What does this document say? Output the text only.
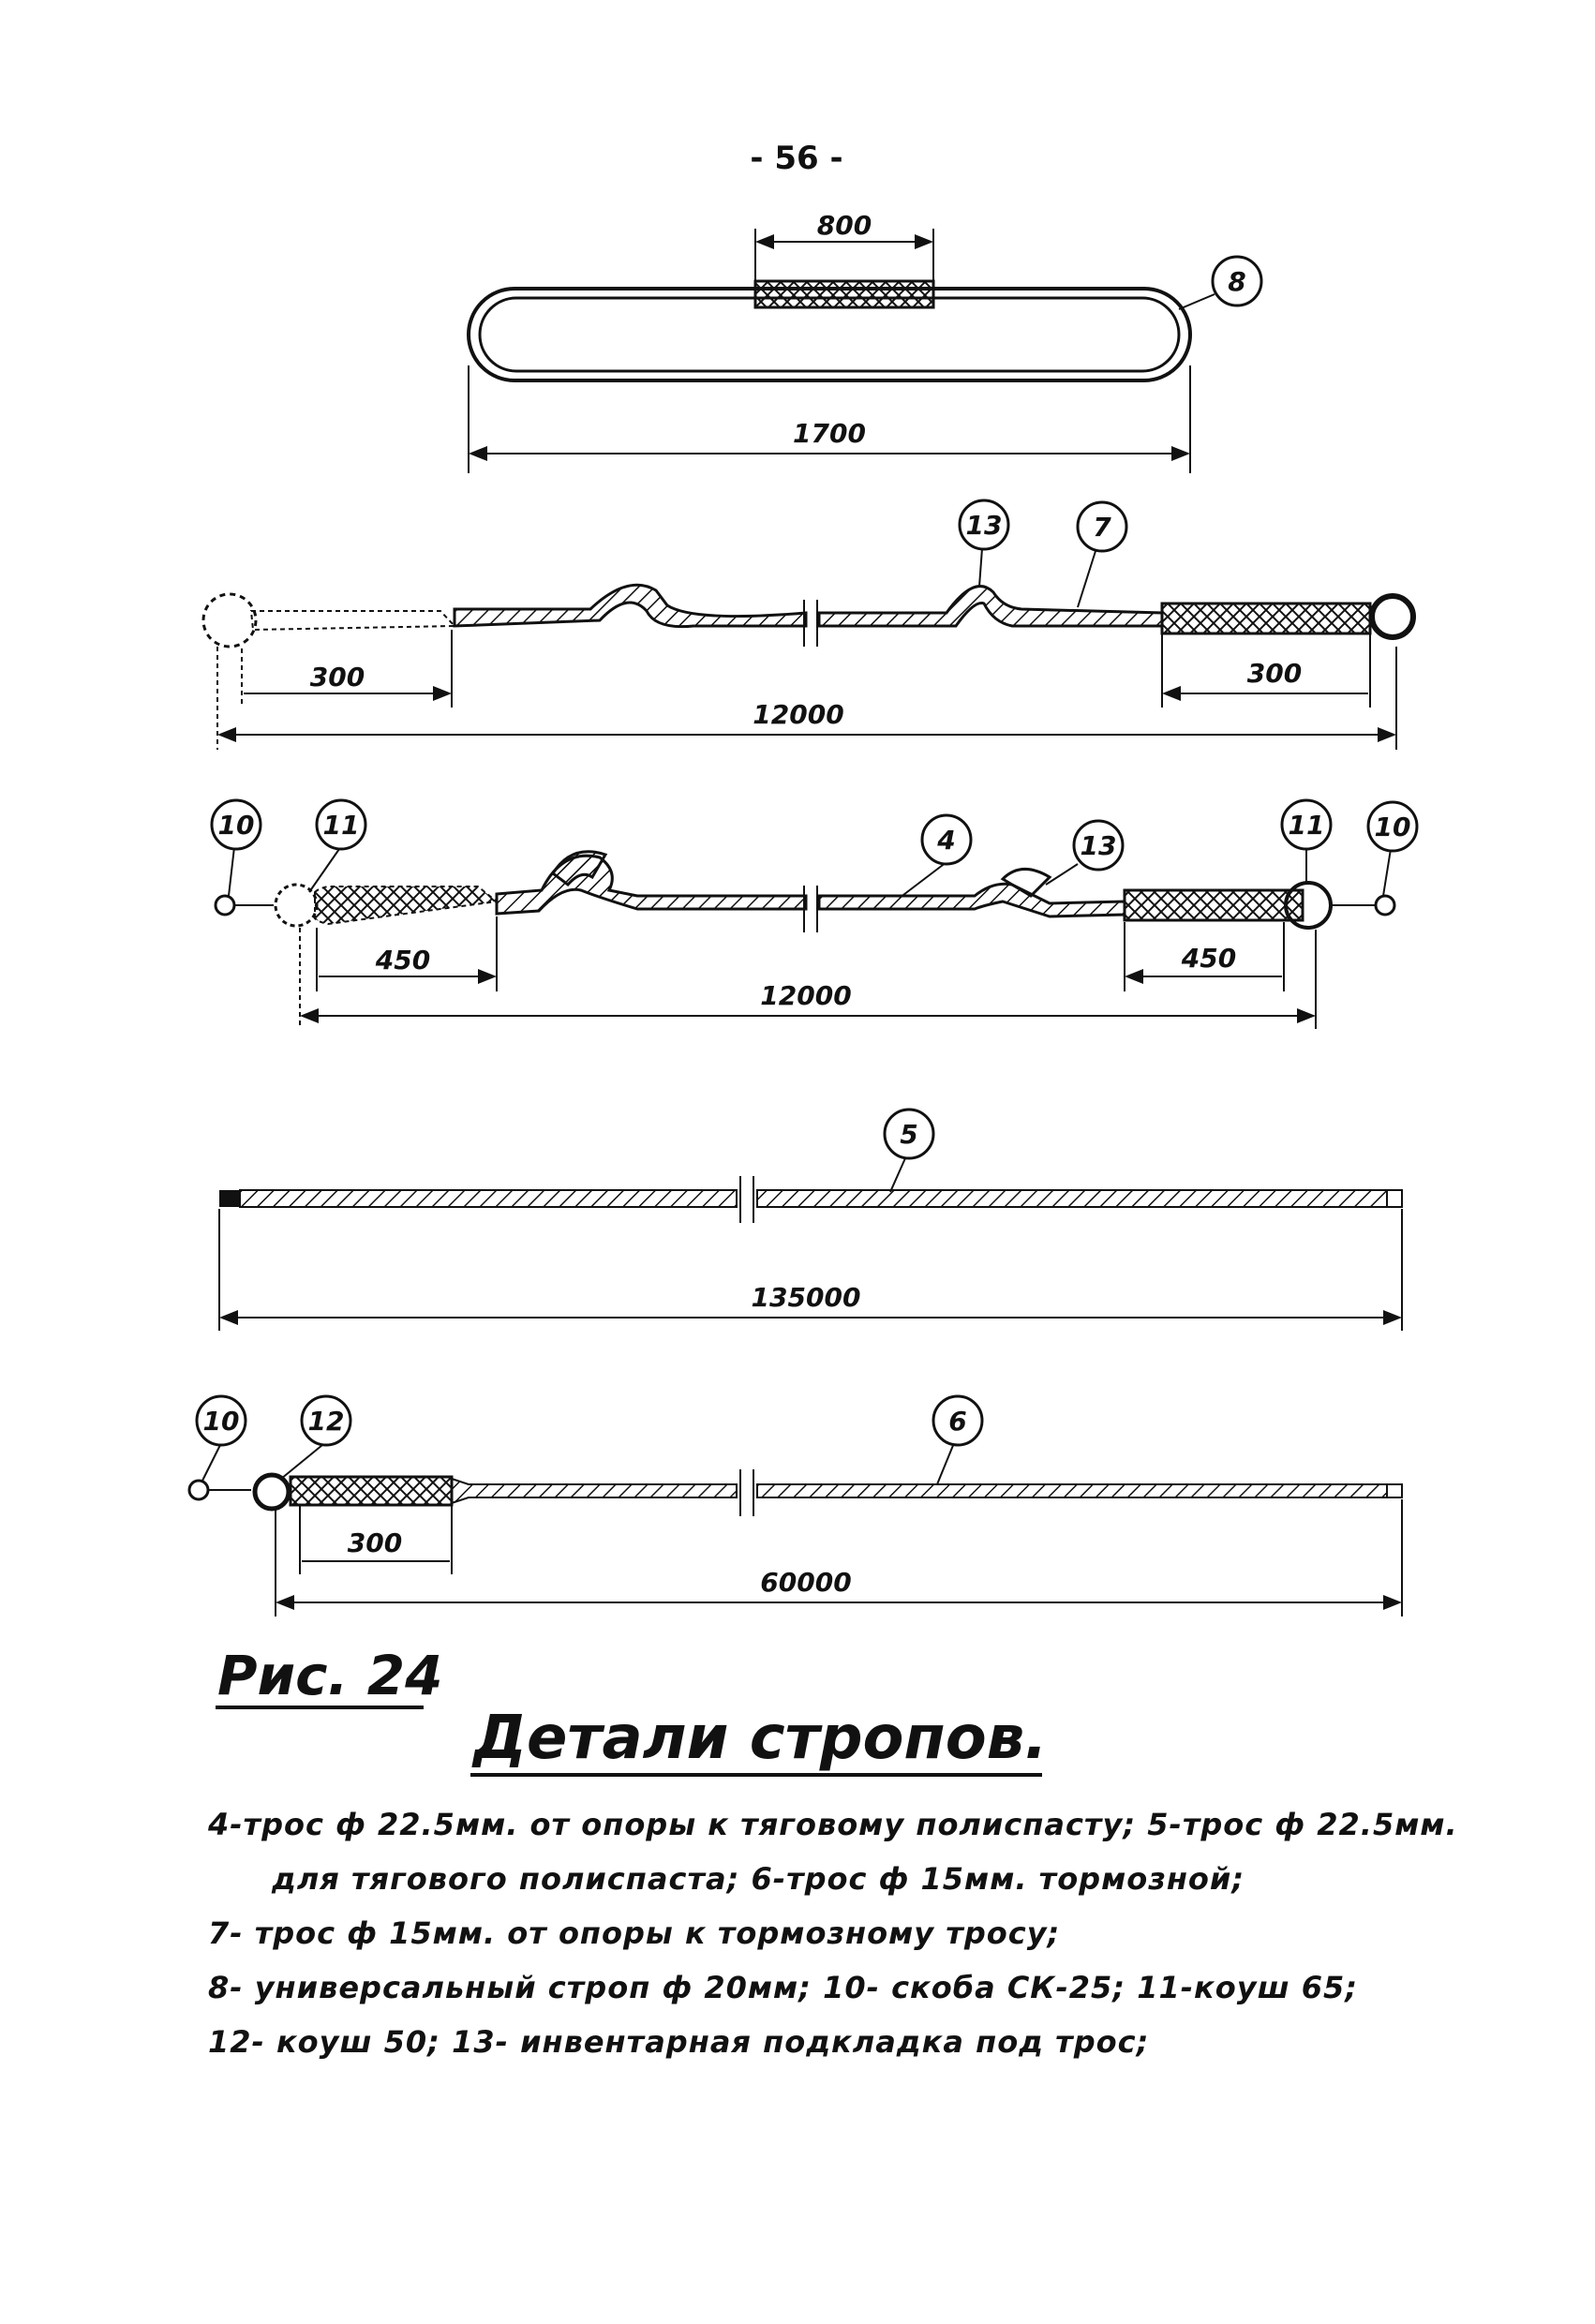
- 56 -
800
1700
8
300	300
12000
13	7
450	450
12000
10	11	4	13
11 10
135000
5
300
60000
10	12	6
Рис. 24
Детали стропов.
4-трос ф 22.5мм. от опоры к тяговому полиспасту; 5-трос ф 22.5мм.
для тягового полиспаста; 6-трос ф 15мм. тормозной;
7- трос ф 15мм. от опоры к тормозному тросу;
8- универсальный строп ф 20мм; 10- скоба СК-25; 11-коуш 65;
12- коуш 50; 13- инвентарная подкладка под трос;
